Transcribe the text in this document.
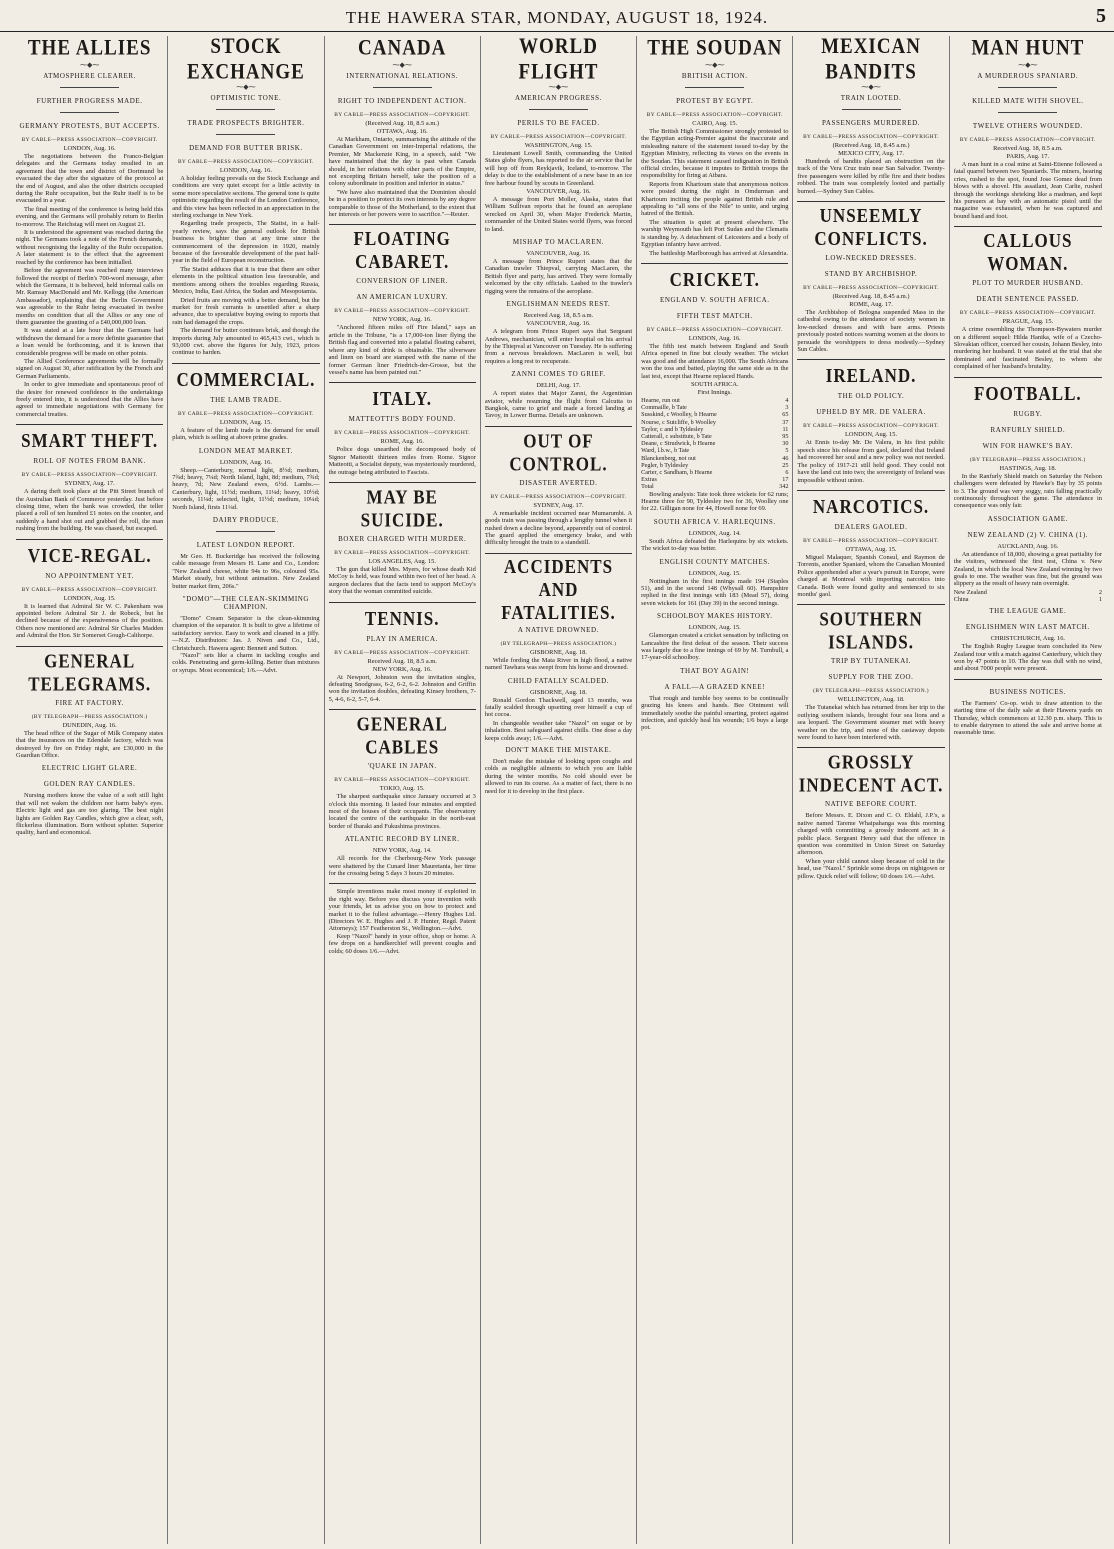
THE HAWERA STAR, MONDAY, AUGUST 18, 1924.	5
THE ALLIES
⁓◆⁓
ATMOSPHERE CLEARER.
FURTHER PROGRESS MADE.
GERMANY PROTESTS, BUT ACCEPTS.
BY CABLE—PRESS ASSOCIATION—COPYRIGHT.
LONDON, Aug. 16.

The negotiations between the Franco-Belgian delegates and the Germans today resulted in an agreement that the town and district of Dortmund be evacuated the day after the signature of the protocol at the end of August, and also the other districts occupied during the Ruhr occupation, but the Ruhr itself is to be evacuated in a year.

The final meeting of the conference is being held this evening, and the Germans will probably return to Berlin to-morrow. The Reichstag will meet on August 21.

It is understood the agreement was reached during the night. The Germans took a note of the French demands, without recognising the legality of the Ruhr occupation. A later statement is to the effect that the agreement reached by the conference has been initialled.

Before the agreement was reached many interviews followed the receipt of Berlin's 700-word message, after which the Germans, it is believed, held informal calls on Mr. Ramsay MacDonald and Mr. Kellogg (the American Ambassador), explaining that the Berlin Government was agreeable to the Ruhr being evacuated in twelve months on condition that all the Allies or any one of them guarantee the granting of a £40,000,000 loan.

It was stated at a late hour that the Germans had withdrawn the demand for a more definite guarantee that a loan would be forthcoming, and it is known that considerable progress will be made on other points.

The Allied Conference agreements will be formally signed on August 30, after ratification by the French and German Parliaments.

In order to give immediate and spontaneous proof of the desire for renewed confidence in the undertakings freely entered into, it is understood that the Allies have agreed to immediate negotiations with Germany for commercial treaties.

SMART THEFT.
ROLL OF NOTES FROM BANK.
BY CABLE—PRESS ASSOCIATION—COPYRIGHT.
SYDNEY, Aug. 17.

A daring theft took place at the Pitt Street branch of the Australian Bank of Commerce yesterday. Just before closing time, when the bank was crowded, the teller placed a roll of ten hundred £1 notes on the counter, and suddenly a hand shot out and grabbed the roll, the man rushing from the building. He was chased, but escaped.

VICE-REGAL.
NO APPOINTMENT YET.
BY CABLE—PRESS ASSOCIATION—COPYRIGHT.
LONDON, Aug. 15.

It is learned that Admiral Sir W. C. Pakenham was appointed before Admiral Sir J. de Robeck, but he declined because of the expensiveness of the position. Others now mentioned are: Admiral Sir Charles Madden and Admiral the Hon. Sir Somerset Gough-Calthorpe.

GENERAL TELEGRAMS.
FIRE AT FACTORY.
(BY TELEGRAPH—PRESS ASSOCIATION.)
DUNEDIN, Aug. 16.

The head office of the Sugar of Milk Company states that the insurances on the Edendale factory, which was destroyed by fire on Friday night, are £30,000 in the Guardian Office.

ELECTRIC LIGHT GLARE.
GOLDEN RAY CANDLES.

Nursing mothers know the value of a soft still light that will not waken the children nor harm baby's eyes. Electric light and gas are too glaring. The best night lights are Golden Ray Candles, which give a clear, soft, flickerless illumination. Burn without splutter. Superior quality, hard and economical.

STOCK EXCHANGE
⁓◆⁓
OPTIMISTIC TONE.
TRADE PROSPECTS BRIGHTER.
DEMAND FOR BUTTER BRISK.
BY CABLE—PRESS ASSOCIATION—COPYRIGHT.
LONDON, Aug. 16.

A holiday feeling prevails on the Stock Exchange and conditions are very quiet except for a little activity in some more speculative sections. The general tone is quite optimistic regarding the result of the London Conference, and this view has been reflected in an appreciation in the sterling exchange in New York.

Regarding trade prospects, The Statist, in a half-yearly review, says the general outlook for British business is brighter than at any time since the commencement of the depression in 1920, mainly because of the favourable development of the past half-year in the field of European reconstruction.

The Statist adduces that it is true that there are other elements in the political situation less favourable, and mentions among others the troubles regarding Russia, Mexico, India, East Africa, the Sudan and Mesopotamia.

Dried fruits are moving with a better demand, but the market for fresh currants is unsettled after a sharp advance, due to speculative buying owing to reports that rain had damaged the crops.

The demand for butter continues brisk, and though the imports during July amounted to 465,413 cwt., which is 93,000 cwt. above the figures for July, 1923, prices continue to harden.

COMMERCIAL.
THE LAMB TRADE.
BY CABLE—PRESS ASSOCIATION—COPYRIGHT.
LONDON, Aug. 15.

A feature of the lamb trade is the demand for small plain, which is selling at above prime grades.

LONDON MEAT MARKET.
LONDON, Aug. 16.

Sheep.—Canterbury, normal light, 8½d; medium, 7¾d; heavy, 7¼d; North Island, light, 8d; medium, 7¾d; heavy, 7d; New Zealand ewes, 6½d. Lambs.—Canterbury, light, 11½d; medium, 11¼d; heavy, 10½d; seconds, 11¼d; selected, light, 11½d; medium, 10¼d; North Island, firsts 11¼d.

DAIRY PRODUCE.
LATEST LONDON REPORT.

Mr Geo. H. Buckeridge has received the following cable message from Messrs H. Lane and Co., London: "New Zealand cheese, white 94s to 96s, coloured 95s. Market steady, but without animation. New Zealand butter market firm, 206s."

"DOMO"—THE CLEAN-SKIMMING CHAMPION.

"Domo" Cream Separator is the clean-skimming champion of the separator. It is built to give a lifetime of satisfactory service. Easy to work and cleaned in a jiffy.—N.Z. Distributors: Jas. J. Niven and Co., Ltd., Christchurch. Hawera agent: Bennett and Sutton.

"Nazol" sets like a charm in tackling coughs and colds. Penetrating and germ-killing. Better than mixtures or syrups. Most economical; 1/6.—Advt.

CANADA
⁓◆⁓
INTERNATIONAL RELATIONS.
RIGHT TO INDEPENDENT ACTION.
BY CABLE—PRESS ASSOCIATION—COPYRIGHT.
(Received Aug. 18, 8.5 a.m.)
OTTAWA, Aug. 16.

At Markham, Ontario, summarising the attitude of the Canadian Government on inter-Imperial relations, the Premier, Mr Mackenzie King, in a speech, said: "We have maintained that the day is past when Canada should, in her relations with other parts of the Empire, not excepting Britain herself, take the position of a colony subordinate in position and inferior in status."

"We have also maintained that the Dominion should be in a position to protect its own interests by any degree comparable to those of the Motherland, to the extent that her interests or her powers were to sacrifice."—Reuter.

FLOATING CABARET.
CONVERSION OF LINER.
AN AMERICAN LUXURY.
BY CABLE—PRESS ASSOCIATION—COPYRIGHT.
NEW YORK, Aug. 16.

"Anchored fifteen miles off Fire Island," says an article in the Tribune, "is a 17,000-ton liner flying the British flag and converted into a palatial floating cabaret, where any kind of drink is obtainable. The silverware and linen on board are stamped with the name of the former German liner Friedrich-der-Grosse, but the vessel's name has been painted out."

ITALY.
MATTEOTTI'S BODY FOUND.
BY CABLE—PRESS ASSOCIATION—COPYRIGHT.
ROME, Aug. 16.

Police dogs unearthed the decomposed body of Signor Matteotti thirteen miles from Rome. Signor Matteotti, a Socialist deputy, was mysteriously murdered, the outrage being attributed to Fascists.

MAY BE SUICIDE.
BOXER CHARGED WITH MURDER.
BY CABLE—PRESS ASSOCIATION—COPYRIGHT.
LOS ANGELES, Aug. 15.

The gun that killed Mrs. Myers, for whose death Kid McCoy is held, was found within two feet of her head. A surgeon declares that the facts tend to support McCoy's story that the woman committed suicide.

TENNIS.
PLAY IN AMERICA.
BY CABLE—PRESS ASSOCIATION—COPYRIGHT.
Received Aug. 18, 8.5 a.m.
NEW YORK, Aug. 16.

At Newport, Johnston won the invitation singles, defeating Snodgrass, 6-2, 6-2, 6-2. Johnston and Griffin won the invitation doubles, defeating Kinsey brothers, 7-5, 4-6, 6-2, 5-7, 6-4.

GENERAL CABLES
'QUAKE IN JAPAN.
BY CABLE—PRESS ASSOCIATION—COPYRIGHT.
TOKIO, Aug. 15.

The sharpest earthquake since January occurred at 3 o'clock this morning. It lasted four minutes and emptied most of the houses of their occupants. The observatory located the centre of the earthquake in the north-east border of Ibaraki and Fukushima provinces.

ATLANTIC RECORD BY LINER.
NEW YORK, Aug. 14.

All records for the Cherbourg-New York passage were shattered by the Cunard liner Mauretania, her time for the crossing being 5 days 3 hours 20 minutes.

Simple inventions make most money if exploited in the right way. Before you discuss your invention with your friends, let us advise you on how to protect and market it to the fullest advantage.—Henry Hughes Ltd. (Directors W. E. Hughes and J. P. Hunter, Regd. Patent Attorneys); 157 Featherston St., Wellington.—Advt.

Keep "Nazol" handy in your office, shop or home. A few drops on a handkerchief will prevent coughs and colds; 60 doses 1/6.—Advt.

WORLD FLIGHT
⁓◆⁓
AMERICAN PROGRESS.
PERILS TO BE FACED.
BY CABLE—PRESS ASSOCIATION—COPYRIGHT.
WASHINGTON, Aug. 15.

Lieutenant Lowell Smith, commanding the United States globe flyers, has reported to the air service that he will hop off from Reykjavik, Iceland, to-morrow. The delay is due to the establishment of a new base in an ice free harbour found by scouts in Greenland.

VANCOUVER, Aug. 16.

A message from Port Moller, Alaska, states that William Sullivan reports that he found an aeroplane wrecked on April 30, when Major Frederick Martin, commander of the United States world flyers, was forced to land.

MISHAP TO MACLAREN.
VANCOUVER, Aug. 16.

A message from Prince Rupert states that the Canadian trawler Thiepval, carrying MacLaren, the British flyer and party, has arrived. They were formally welcomed by the city officials. Lashed to the trawler's rigging were the remains of the aeroplane.

ENGLISHMAN NEEDS REST.
Received Aug. 18, 8.5 a.m.
VANCOUVER, Aug. 16.

A telegram from Prince Rupert says that Sergeant Andrews, mechanician, will enter hospital on his arrival by the Thiepval at Vancouver on Tuesday. He is suffering from a nervous breakdown. MacLaren is well, but requires a long rest to recuperate.

ZANNI COMES TO GRIEF.
DELHI, Aug. 17.

A report states that Major Zanni, the Argentinian aviator, while resuming the flight from Calcutta to Bangkok, came to grief and made a forced landing at Tavoy, in Lower Burma. Details are unknown.

OUT OF CONTROL.
DISASTER AVERTED.
BY CABLE—PRESS ASSOCIATION—COPYRIGHT.
SYDNEY, Aug. 17.

A remarkable incident occurred near Mumarumbi. A goods train was passing through a lengthy tunnel when it rushed down a decline beyond, apparently out of control. The guard applied the emergency brake, and with difficulty brought the train to a standstill.

ACCIDENTS AND FATALITIES.
A NATIVE DROWNED.
(BY TELEGRAPH—PRESS ASSOCIATION.)
GISBORNE, Aug. 18.

While fording the Mata River in high flood, a native named Tawhara was swept from his horse and drowned.

CHILD FATALLY SCALDED.
GISBORNE, Aug. 18.

Ronald Gordon Thackwell, aged 13 months, was fatally scalded through upsetting over himself a cup of hot cocoa.

In changeable weather take "Nazol" on sugar or by inhalation. Best safeguard against chills. One dose a day keeps colds away; 1/6.—Advt.

DON'T MAKE THE MISTAKE.

Don't make the mistake of looking upon coughs and colds as negligible ailments to which you are liable during the winter months. No cold should ever be allowed to run its course. As a matter of fact, there is no need for it to develop in the first place.

THE SOUDAN
⁓◆⁓
BRITISH ACTION.
PROTEST BY EGYPT.
BY CABLE—PRESS ASSOCIATION—COPYRIGHT.
CAIRO, Aug. 15.

The British High Commissioner strongly protested to the Egyptian acting-Premier against the inaccurate and misleading nature of the statement issued to-day by the Egyptian Ministry, reflecting its views on the events in the Soudan. This statement caused indignation in British official circles, because it imputes to British troops the responsibility for firing at Atbara.

Reports from Khartoum state that anonymous notices were posted during the night in Omdurman and Khartoum inciting the people against British rule and appealing to "all sons of the Nile" to unite, and urging hatred of the British.

The situation is quiet at present elsewhere. The warship Weymouth has left Port Sudan and the Clematis is standing by. A detachment of Leicesters and a body of Egyptian infantry have arrived.

The battleship Marlborough has arrived at Alexandria.

CRICKET.
ENGLAND V. SOUTH AFRICA.
FIFTH TEST MATCH.
BY CABLE—PRESS ASSOCIATION—COPYRIGHT.
LONDON, Aug. 16.

The fifth test match between England and South Africa opened in fine but cloudy weather. The wicket was good and the attendance 16,000. The South Africans won the toss and batted, playing the same side as in the last test, except that Hearne replaced Hands.

SOUTH AFRICA.
First Innings.
Hearne, run out	4
Commaille, b Tate	3
Susskind, c Woolley, b Hearne	65
Nourse, c Sutcliffe, b Woolley	37
Taylor, c and b Tyldesley	11
Catterall, c substitute, b Tate	95
Deane, c Strudwick, b Hearne	30
Ward, l.b.w., b Tate	5
Blanckenberg, not out	46
Pegler, b Tyldesley	25
Carter, c Sandham, b Hearne	6
Extras	17
Total	342

Bowling analysis: Tate took three wickets for 62 runs; Hearne three for 90, Tyldesley two for 36, Woolley one for 22. Gilligan none for 44, Howell none for 69.

SOUTH AFRICA V. HARLEQUINS.
LONDON, Aug. 14.

South Africa defeated the Harlequins by six wickets. The wicket to-day was better.

ENGLISH COUNTY MATCHES.
LONDON, Aug. 15.

Nottingham in the first innings made 194 (Staples 51), and in the second 148 (Whysall 60). Hampshire replied in the first innings with 183 (Mead 57), doing seven wickets for 161 (Day 39) in the second innings.

SCHOOLBOY MAKES HISTORY.
LONDON, Aug. 15.

Glamorgan created a cricket sensation by inflicting on Lancashire the first defeat of the season. Their success was largely due to a fine innings of 69 by M. Turnbull, a 17-year-old schoolboy.

THAT BOY AGAIN!
A FALL—A GRAZED KNEE!

That rough and tumble boy seems to be continually grazing his knees and hands. Bee Ointment will immediately soothe the painful smarting, protect against infection, and quickly heal his wounds; 1/6 buys a large pot.

MEXICAN BANDITS
⁓◆⁓
TRAIN LOOTED.
PASSENGERS MURDERED.
BY CABLE—PRESS ASSOCIATION—COPYRIGHT.
(Received Aug. 18, 8.45 a.m.)
MEXICO CITY, Aug. 17.

Hundreds of bandits placed an obstruction on the track of the Vera Cruz train near San Salvador. Twenty-five passengers were killed by rifle fire and their bodies robbed. The train was completely looted and partially burned.—Sydney Sun Cables.

UNSEEMLY CONFLICTS.
LOW-NECKED DRESSES.
STAND BY ARCHBISHOP.
BY CABLE—PRESS ASSOCIATION—COPYRIGHT.
(Received Aug. 18, 8.45 a.m.)
ROME, Aug. 17.

The Archbishop of Bologna suspended Mass in the cathedral owing to the attendance of society women in low-necked dresses and with bare arms. Priests previously posted notices warning women at the doors to persuade the worshippers to dress modestly.—Sydney Sun Cables.

IRELAND.
THE OLD POLICY.
UPHELD BY MR. DE VALERA.
BY CABLE—PRESS ASSOCIATION—COPYRIGHT.
LONDON, Aug. 15.

At Ennis to-day Mr. De Valera, in his first public speech since his release from gaol, declared that Ireland had recovered her soul and a new policy was not needed. The policy of 1917-21 still held good. They could not have the land cut into two; the sovereignty of Ireland was impossible without union.

NARCOTICS.
DEALERS GAOLED.
BY CABLE—PRESS ASSOCIATION—COPYRIGHT.
OTTAWA, Aug. 15.

Miguel Malaquer, Spanish Consul, and Raymon de Torrents, another Spaniard, whom the Canadian Mounted Police apprehended after a year's pursuit in Europe, were charged at Montreal with importing narcotics into Canada. Both were found guilty and sentenced to six months' gaol.

SOUTHERN ISLANDS.
TRIP BY TUTANEKAI.
SUPPLY FOR THE ZOO.
(BY TELEGRAPH—PRESS ASSOCIATION.)
WELLINGTON, Aug. 18.

The Tutanekai which has returned from her trip to the outlying southern islands, brought four sea lions and a sea leopard. The Government steamer met with heavy weather on the trip, and none of the castaway depots were found to have been interfered with.

GROSSLY INDECENT ACT.
NATIVE BEFORE COURT.

Before Messrs. E. Dixon and C. O. Eldahl, J.P.'s, a native named Tareme Whaipahanga was this morning charged with committing a grossly indecent act in a public place. Sergeant Henry said that the offence in question was committed in Union Street on Saturday afternoon.

When your child cannot sleep because of cold in the head, use "Nazol." Sprinkle some drops on nightgown or pillow. Quick relief will follow; 60 doses 1/6.—Advt.

MAN HUNT
⁓◆⁓
A MURDEROUS SPANIARD.
KILLED MATE WITH SHOVEL.
TWELVE OTHERS WOUNDED.
BY CABLE—PRESS ASSOCIATION—COPYRIGHT.
Received Aug. 18, 8.5 a.m.
PARIS, Aug. 17.

A man hunt in a coal mine at Saint-Etienne followed a fatal quarrel between two Spaniards. The miners, hearing cries, rushed to the spot, found Jose Gomez dead from blows with a shovel. His assailant, Jean Carlie, rushed through the workings shrieking like a madman, and kept his pursuers at bay with an automatic pistol until the magazine was exhausted, when he was captured and bound hand and foot.

CALLOUS WOMAN.
PLOT TO MURDER HUSBAND.
DEATH SENTENCE PASSED.
BY CABLE—PRESS ASSOCIATION—COPYRIGHT.
PRAGUE, Aug. 15.

A crime resembling the Thompson-Bywaters murder on a different sequel: Hilda Hanika, wife of a Czecho-Slovakian officer, coerced her cousin, Johann Besley, into murdering her husband. It was stated at the trial that she dominated and fascinated Besley, to whom she complained of her husband's brutality.

FOOTBALL.
RUGBY.
RANFURLY SHIELD.
WIN FOR HAWKE'S BAY.
(BY TELEGRAPH—PRESS ASSOCIATION.)
HASTINGS, Aug. 18.

In the Ranfurly Shield match on Saturday the Nelson challengers were defeated by Hawke's Bay by 35 points to 3. The ground was very soggy, rain falling practically continuously throughout the game. The attendance in consequence was only fair.

ASSOCIATION GAME.
NEW ZEALAND (2) V. CHINA (1).
AUCKLAND, Aug. 16.

An attendance of 18,000, showing a great partiality for the visitors, witnessed the first test, China v. New Zealand, in which the local New Zealand winning by two goals to one. The weather was fine, but the ground was slippery as the result of heavy rain overnight.

New Zealand	2
China	1
THE LEAGUE GAME.
ENGLISHMEN WIN LAST MATCH.
CHRISTCHURCH, Aug. 16.

The English Rugby League team concluded its New Zealand tour with a match against Canterbury, which they won by 47 points to 10. The day was dull with no wind, and about 7000 people were present.

BUSINESS NOTICES.

The Farmers' Co-op. wish to draw attention to the starting time of the daily sale at their Hawera yards on Thursday, which commences at 12.30 p.m. sharp. This is to enable dairymen to attend the sale and arrive home at reasonable time.
